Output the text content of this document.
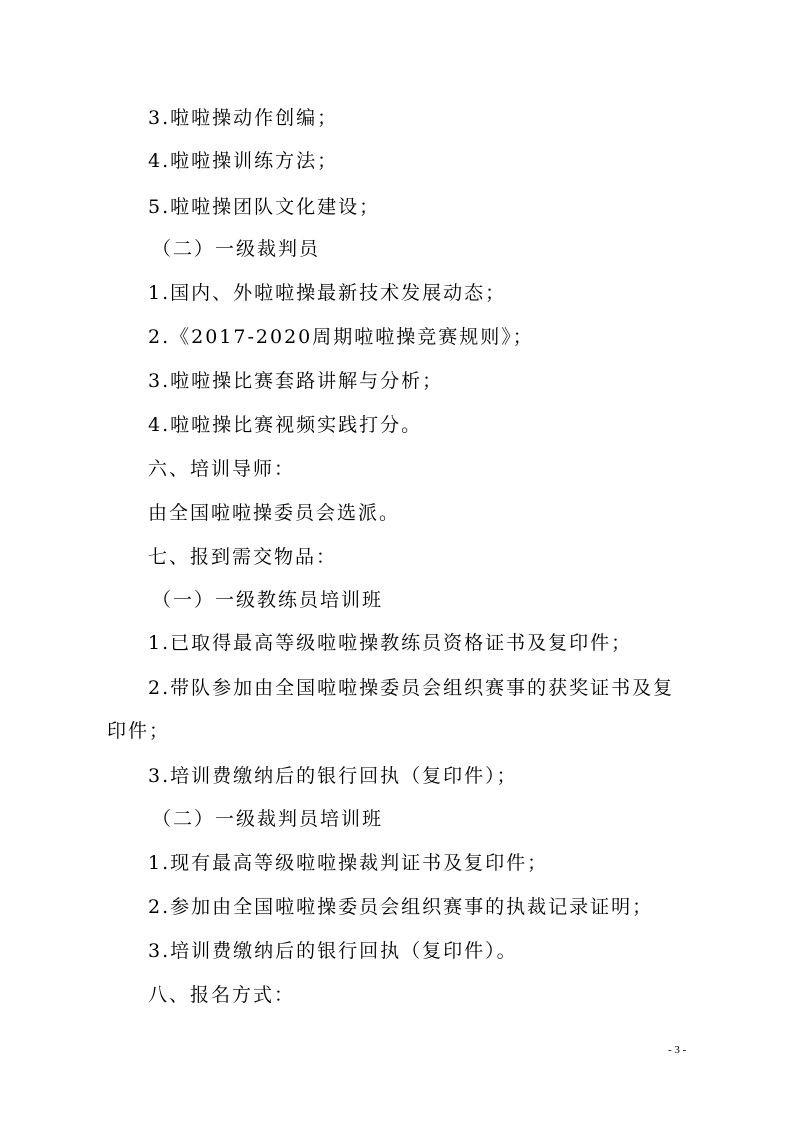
3.啦啦操动作创编；
4.啦啦操训练方法；
5.啦啦操团队文化建设；
（二）一级裁判员
1.国内、外啦啦操最新技术发展动态；
2.《2017-2020周期啦啦操竞赛规则》；
3.啦啦操比赛套路讲解与分析；
4.啦啦操比赛视频实践打分。
六、培训导师：
由全国啦啦操委员会选派。
七、报到需交物品：
（一）一级教练员培训班
1.已取得最高等级啦啦操教练员资格证书及复印件；
2.带队参加由全国啦啦操委员会组织赛事的获奖证书及复
印件；
3.培训费缴纳后的银行回执（复印件）；
（二）一级裁判员培训班
1.现有最高等级啦啦操裁判证书及复印件；
2.参加由全国啦啦操委员会组织赛事的执裁记录证明；
3.培训费缴纳后的银行回执（复印件）。
八、报名方式：
- 3 -
